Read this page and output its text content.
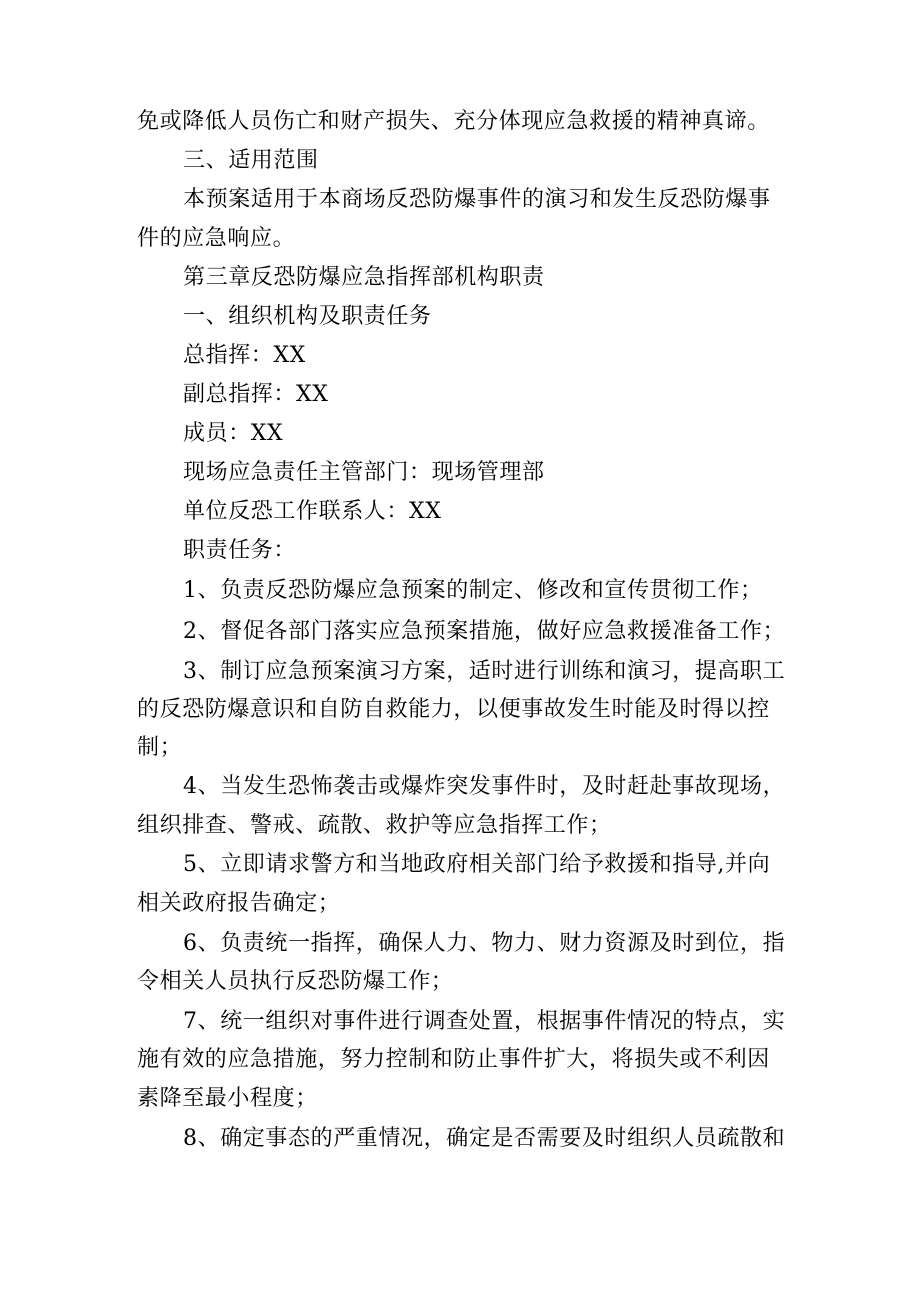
免或降低人员伤亡和财产损失、充分体现应急救援的精神真谛。

三、适用范围

本预案适用于本商场反恐防爆事件的演习和发生反恐防爆事

件的应急响应。

第三章反恐防爆应急指挥部机构职责

一、组织机构及职责任务

总指挥：XX

副总指挥：XX

成员：XX

现场应急责任主管部门：现场管理部

单位反恐工作联系人：XX

职责任务：

1、负责反恐防爆应急预案的制定、修改和宣传贯彻工作；

2、督促各部门落实应急预案措施，做好应急救援准备工作；

3、制订应急预案演习方案，适时进行训练和演习，提高职工

的反恐防爆意识和自防自救能力，以便事故发生时能及时得以控

制；

4、当发生恐怖袭击或爆炸突发事件时，及时赶赴事故现场，

组织排查、警戒、疏散、救护等应急指挥工作；

5、立即请求警方和当地政府相关部门给予救援和指导,并向

相关政府报告确定；

6、负责统一指挥，确保人力、物力、财力资源及时到位，指

令相关人员执行反恐防爆工作；

7、统一组织对事件进行调查处置，根据事件情况的特点，实

施有效的应急措施，努力控制和防止事件扩大，将损失或不利因

素降至最小程度；

8、确定事态的严重情况，确定是否需要及时组织人员疏散和
